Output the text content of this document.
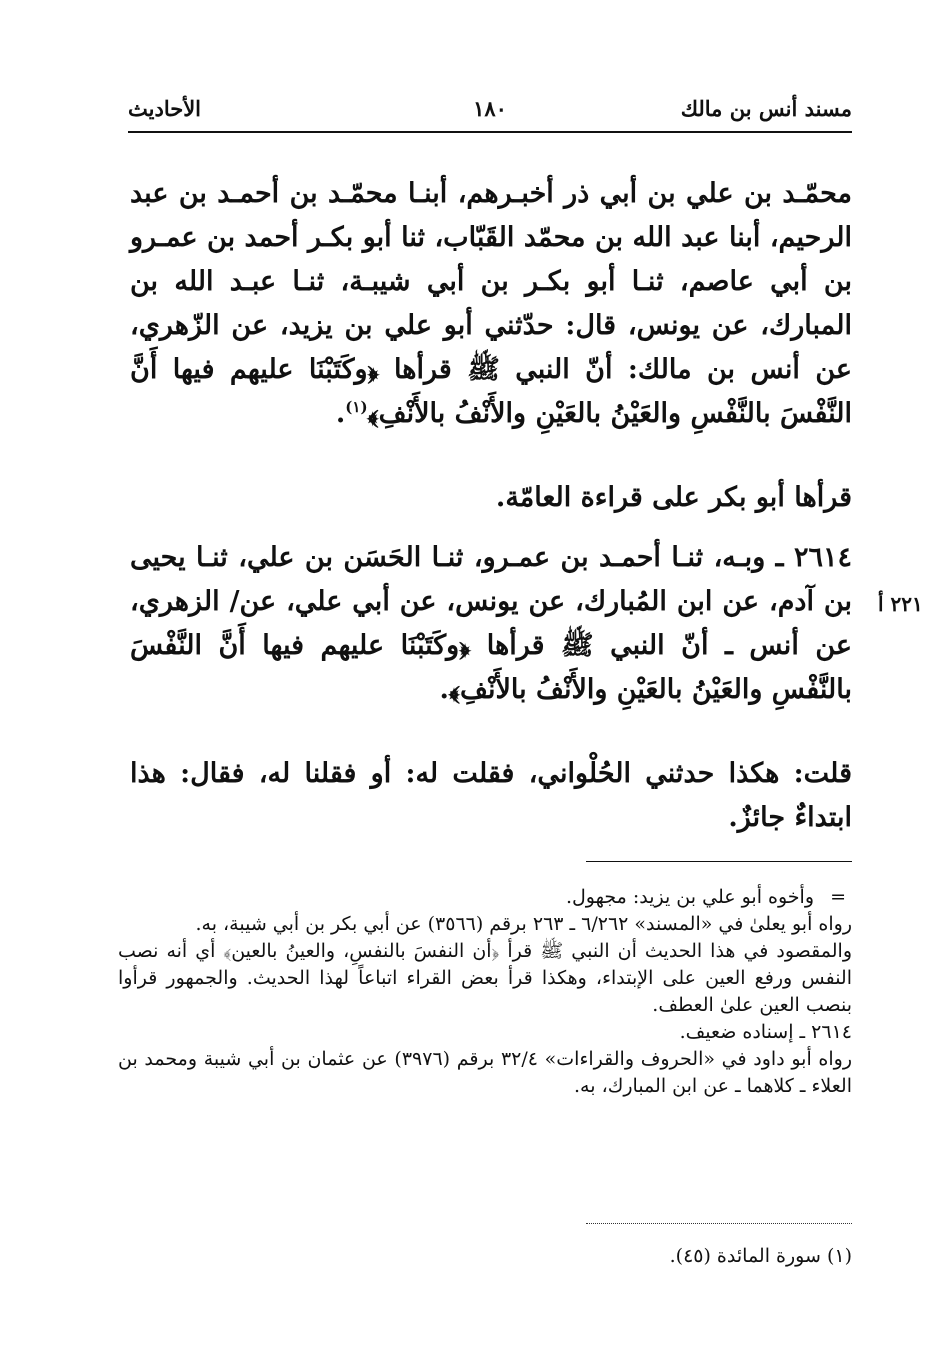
مسند أنس بن مالك
١٨٠
الأحاديث
محمّـد بن علي بن أبي ذر أخبـرهم، أبنـا محمّـد بن أحمـد بن عبد الرحيم، أبنا عبد الله بن محمّد القَبّاب، ثنا أبو بكـر أحمد بن عمـرو بن أبي عاصم، ثنـا أبو بكـر بن أبي شيبـة، ثنـا عبـد الله بن المبارك، عن يونس، قال: حدّثني أبو علي بن يزيد، عن الزّهري، عن أنس بن مالك: أنّ النبي ﷺ قرأها ﴿وكَتَبْنَا عليهم فيها أَنَّ النَّفْسَ بالنَّفْسِ والعَيْنُ بالعَيْنِ والأَنْفُ بالأَنْفِ﴾$^{(١)}$.
قرأها أبو بكر على قراءة العامّة.
٢٦١٤ ـ وبـه، ثنـا أحمـد بن عمـرو، ثنـا الحَسَن بن علي، ثنـا يحيى بن آدم، عن ابن المُبارك، عن يونس، عن أبي علي، عن/ الزهري، عن أنس ـ أنّ النبي ﷺ قرأها ﴿وكَتَبْنَا عليهم فيها أَنَّ النَّفْسَ بالنَّفْسِ والعَيْنُ بالعَيْنِ والأَنْفُ بالأَنْفِ﴾.
٢٢١ أ
قلت: هكذا حدثني الحُلْواني، فقلت له: أو فقلنا له، فقال: هذا ابتداءٌ جائزٌ.
=
وأخوه أبو علي بن يزيد: مجهول.
رواه أبو يعلىٰ في «المسند» ٦/٢٦٢ ـ ٢٦٣ برقم (٣٥٦٦) عن أبي بكر بن أبي شيبة، به.
والمقصود في هذا الحديث أن النبي ﷺ قرأ ﴿أن النفسَ بالنفسِ، والعينُ بالعين﴾ أي أنه نصب النفس ورفع العين على الإبتداء، وهكذا قرأ بعض القراء اتباعاً لهذا الحديث. والجمهور قرأوا بنصب العين علىٰ العطف.
٢٦١٤ ـ إسناده ضعيف.
رواه أبو داود في «الحروف والقراءات» ٣٢/٤ برقم (٣٩٧٦) عن عثمان بن أبي شيبة ومحمد بن العلاء ـ كلاهما ـ عن ابن المبارك، به.
(١) سورة المائدة (٤٥).
